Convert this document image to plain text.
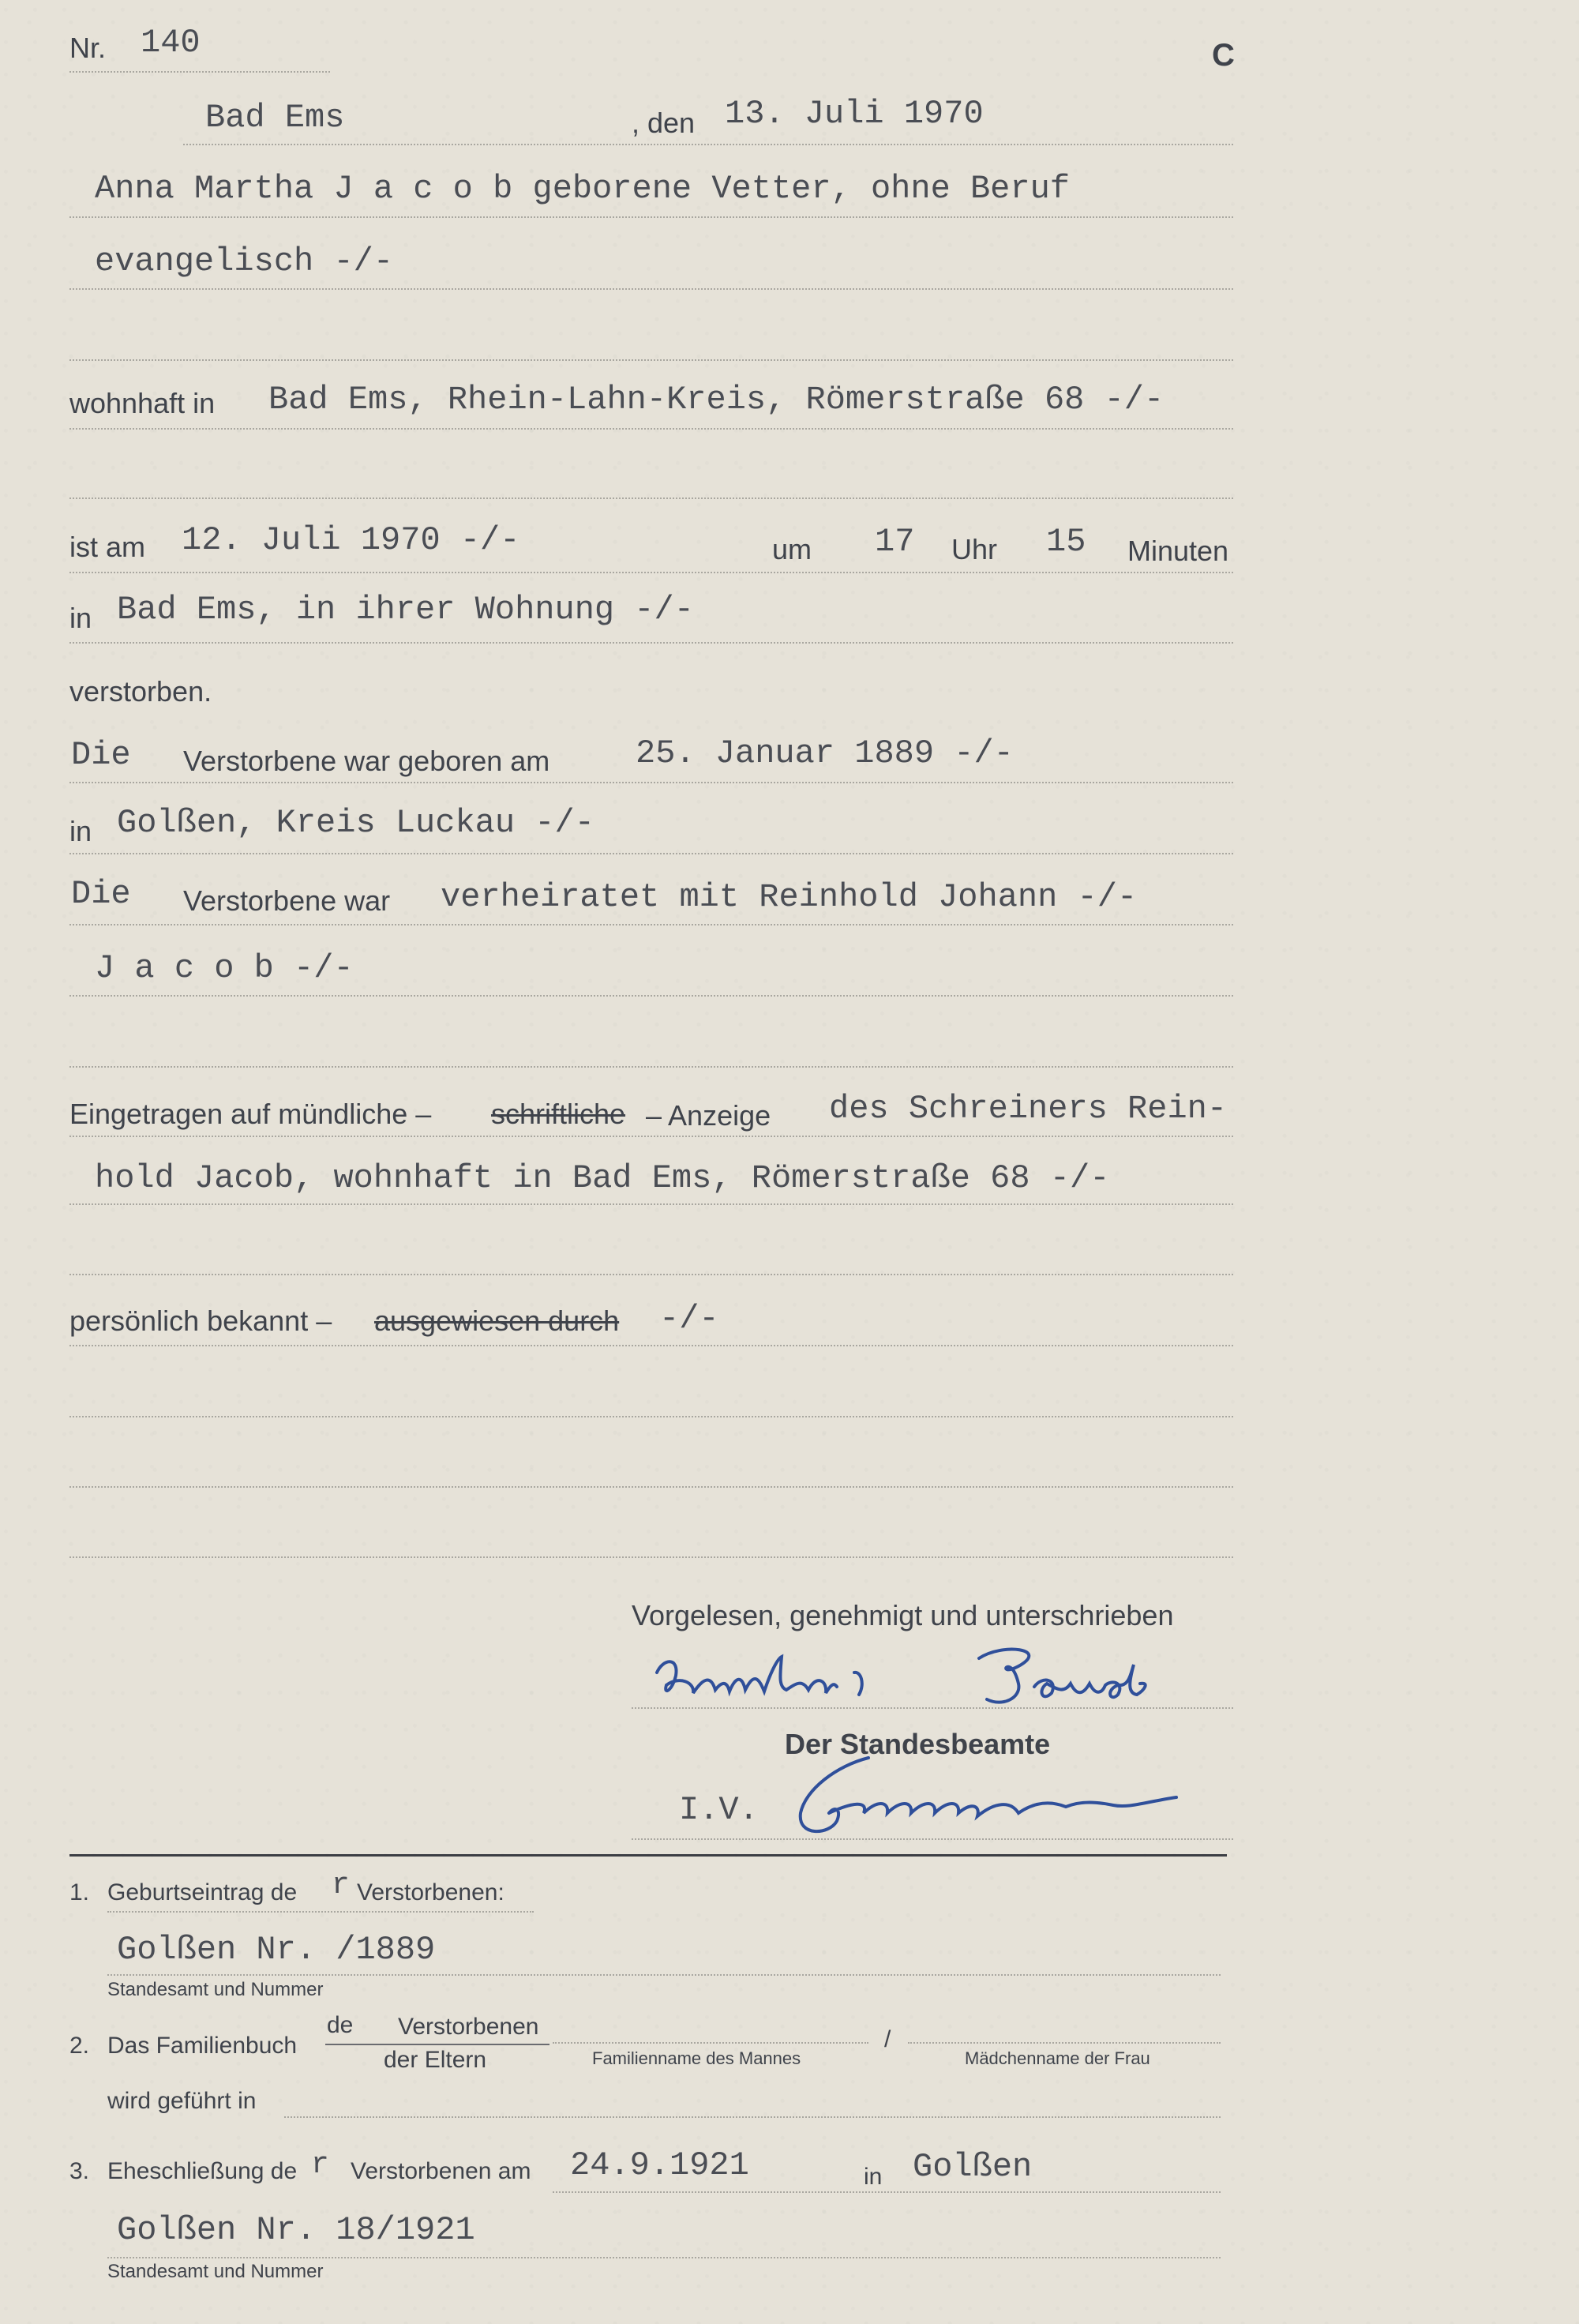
Nr. 140	C
Bad Ems	, den 13. Juli 1970
Anna Martha J a c o b geborene Vetter, ohne Beruf
evangelisch -/-
wohnhaft in Bad Ems, Rhein-Lahn-Kreis, Römerstraße 68 -/-
ist am 12. Juli 1970 -/-	um 17 Uhr 15 Minuten
in Bad Ems, in ihrer Wohnung -/-
verstorben.
Die Verstorbene war geboren am	25. Januar 1889 -/-
in Golßen, Kreis Luckau -/-
Die Verstorbene war verheiratet mit Reinhold Johann -/-
J a c o b -/-
Eingetragen auf mündliche – schriftliche – Anzeige des Schreiners Rein-
hold Jacob, wohnhaft in Bad Ems, Römerstraße 68 -/-
persönlich bekannt – ausgewiesen durch -/-
Vorgelesen, genehmigt und unterschrieben
Der Standesbeamte
I.V.
1. Geburtseintrag de r Verstorbenen:
Golßen Nr. /1889
Standesamt und Nummer
2. Das Familienbuch
de Verstorbenen
der Eltern	Familienname des Mannes
/
Mädchenname der Frau
wird geführt in
3. Eheschließung de r Verstorbenen am 24.9.1921	in Golßen
Golßen Nr. 18/1921
Standesamt und Nummer
